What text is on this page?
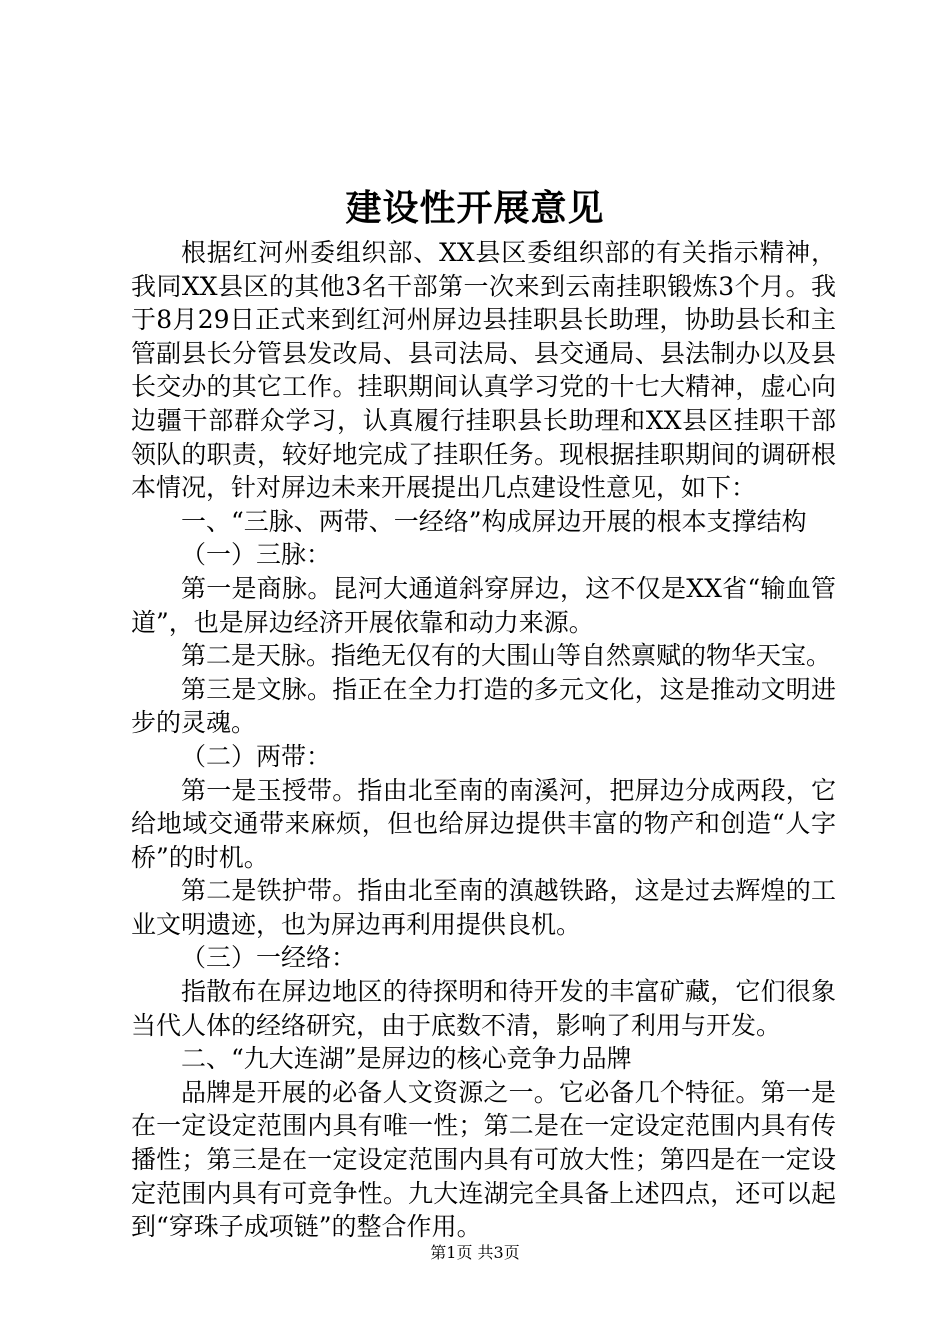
建设性开展意见

根据红河州委组织部、XX县区委组织部的有关指示精神，我同XX县区的其他3名干部第一次来到云南挂职锻炼3个月。我于8月29日正式来到红河州屏边县挂职县长助理，协助县长和主管副县长分管县发改局、县司法局、县交通局、县法制办以及县长交办的其它工作。挂职期间认真学习党的十七大精神，虚心向边疆干部群众学习，认真履行挂职县长助理和XX县区挂职干部领队的职责，较好地完成了挂职任务。现根据挂职期间的调研根本情况，针对屏边未来开展提出几点建设性意见，如下：

一、“三脉、两带、一经络”构成屏边开展的根本支撑结构

（一）三脉：

第一是商脉。昆河大通道斜穿屏边，这不仅是XX省“输血管道”，也是屏边经济开展依靠和动力来源。

第二是天脉。指绝无仅有的大围山等自然禀赋的物华天宝。

第三是文脉。指正在全力打造的多元文化，这是推动文明进步的灵魂。

（二）两带：

第一是玉授带。指由北至南的南溪河，把屏边分成两段，它给地域交通带来麻烦，但也给屏边提供丰富的物产和创造“人字桥”的时机。

第二是铁护带。指由北至南的滇越铁路，这是过去辉煌的工业文明遗迹，也为屏边再利用提供良机。

（三）一经络：

指散布在屏边地区的待探明和待开发的丰富矿藏，它们很象当代人体的经络研究，由于底数不清，影响了利用与开发。

二、“九大连湖”是屏边的核心竞争力品牌

品牌是开展的必备人文资源之一。它必备几个特征。第一是在一定设定范围内具有唯一性；第二是在一定设定范围内具有传播性；第三是在一定设定范围内具有可放大性；第四是在一定设定范围内具有可竞争性。九大连湖完全具备上述四点，还可以起到“穿珠子成项链”的整合作用。

第1页 共3页
